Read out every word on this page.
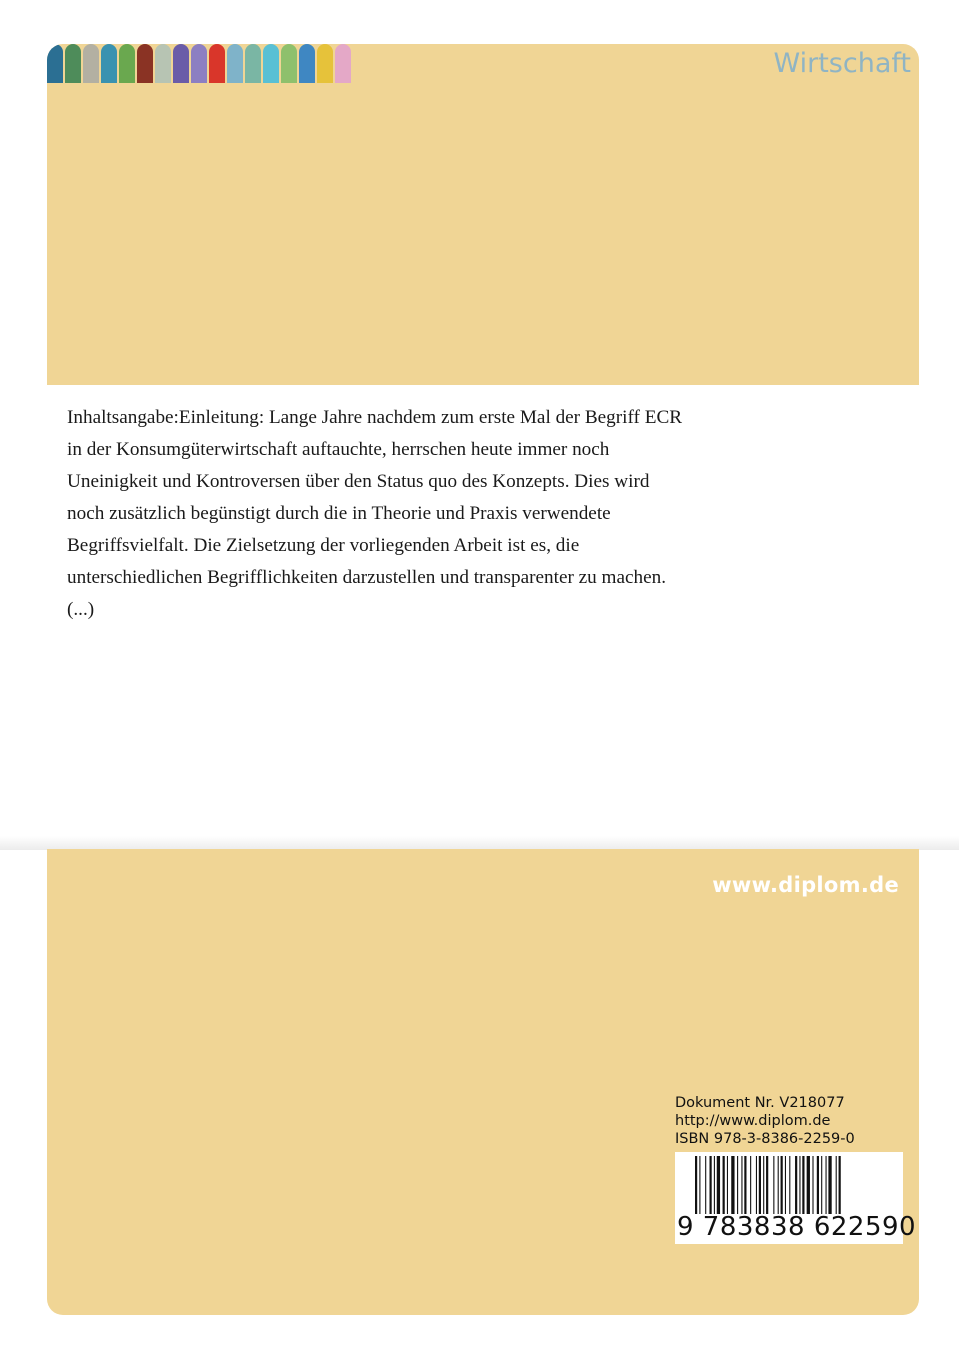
Wirtschaft

Inhaltsangabe:Einleitung: Lange Jahre nachdem zum erste Mal der Begriff ECR

in der Konsumgüterwirtschaft auftauchte, herrschen heute immer noch

Uneinigkeit und Kontroversen über den Status quo des Konzepts. Dies wird

noch zusätzlich begünstigt durch die in Theorie und Praxis verwendete

Begriffsvielfalt. Die Zielsetzung der vorliegenden Arbeit ist es, die

unterschiedlichen Begrifflichkeiten darzustellen und transparenter zu machen.

(...)

www.diplom.de
Dokument Nr. V218077
http://www.diplom.de
ISBN 978-3-8386-2259-0
9 783838 622590
